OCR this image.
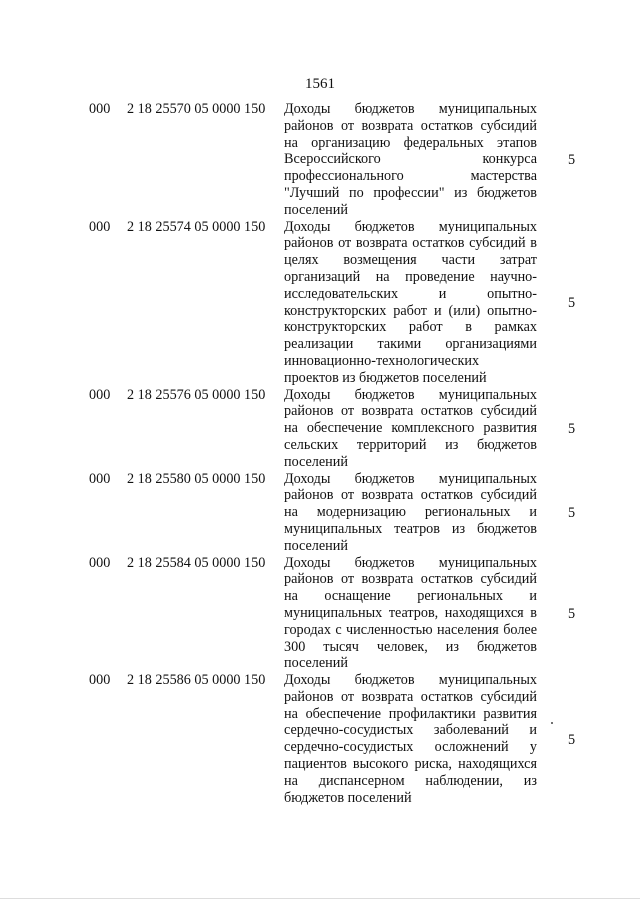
1561
000 2 18 25570 05 0000 150 Доходы бюджетов муниципальных
районов от возврата остатков субсидий
на организацию федеральных этапов
Всероссийского конкурса
профессионального мастерства
"Лучший по профессии" из бюджетов
поселений
5
000 2 18 25574 05 0000 150 Доходы бюджетов муниципальных
районов от возврата остатков субсидий в
целях возмещения части затрат
организаций на проведение научно-
исследовательских и опытно-
конструкторских работ и (или) опытно-
конструкторских работ в рамках
реализации такими организациями
инновационно-технологических
проектов из бюджетов поселений
5
000 2 18 25576 05 0000 150 Доходы бюджетов муниципальных
районов от возврата остатков субсидий
на обеспечение комплексного развития
сельских территорий из бюджетов
поселений
5
000 2 18 25580 05 0000 150 Доходы бюджетов муниципальных
районов от возврата остатков субсидий
на модернизацию региональных и
муниципальных театров из бюджетов
поселений
5
000 2 18 25584 05 0000 150 Доходы бюджетов муниципальных
районов от возврата остатков субсидий
на оснащение региональных и
муниципальных театров, находящихся в
городах с численностью населения более
300 тысяч человек, из бюджетов
поселений
5
000 2 18 25586 05 0000 150 Доходы бюджетов муниципальных
районов от возврата остатков субсидий
на обеспечение профилактики развития
сердечно-сосудистых заболеваний и
сердечно-сосудистых осложнений у
пациентов высокого риска, находящихся
на диспансерном наблюдении, из
бюджетов поселений
5
